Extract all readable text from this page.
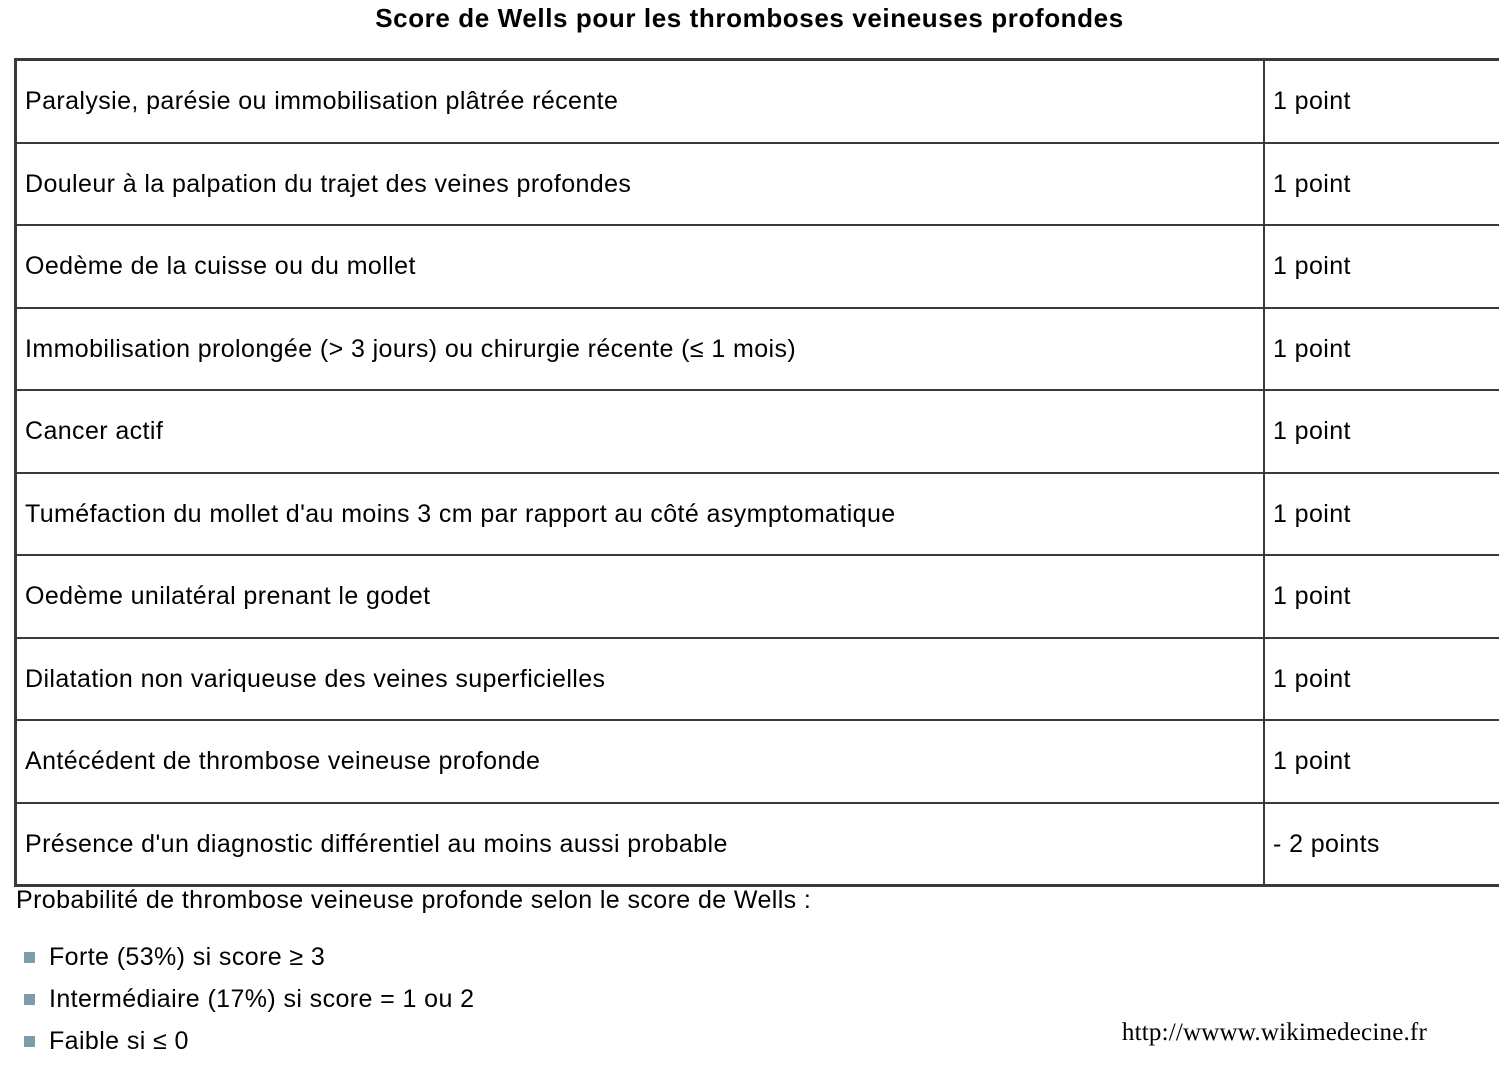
Score de Wells pour les thromboses veineuses profondes
Paralysie, parésie ou immobilisation plâtrée récente	1 point
Douleur à la palpation du trajet des veines profondes	1 point
Oedème de la cuisse ou du mollet	1 point
Immobilisation prolongée (> 3 jours) ou chirurgie récente (≤ 1 mois)	1 point
Cancer actif	1 point
Tuméfaction du mollet d'au moins 3 cm par rapport au côté asymptomatique	1 point
Oedème unilatéral prenant le godet	1 point
Dilatation non variqueuse des veines superficielles	1 point
Antécédent de thrombose veineuse profonde	1 point
Présence d'un diagnostic différentiel au moins aussi probable	- 2 points
Probabilité de thrombose veineuse profonde selon le score de Wells :
Forte (53%) si score ≥ 3
Intermédiaire (17%) si score = 1 ou 2
Faible si ≤ 0	http://wwww.wikimedecine.fr
